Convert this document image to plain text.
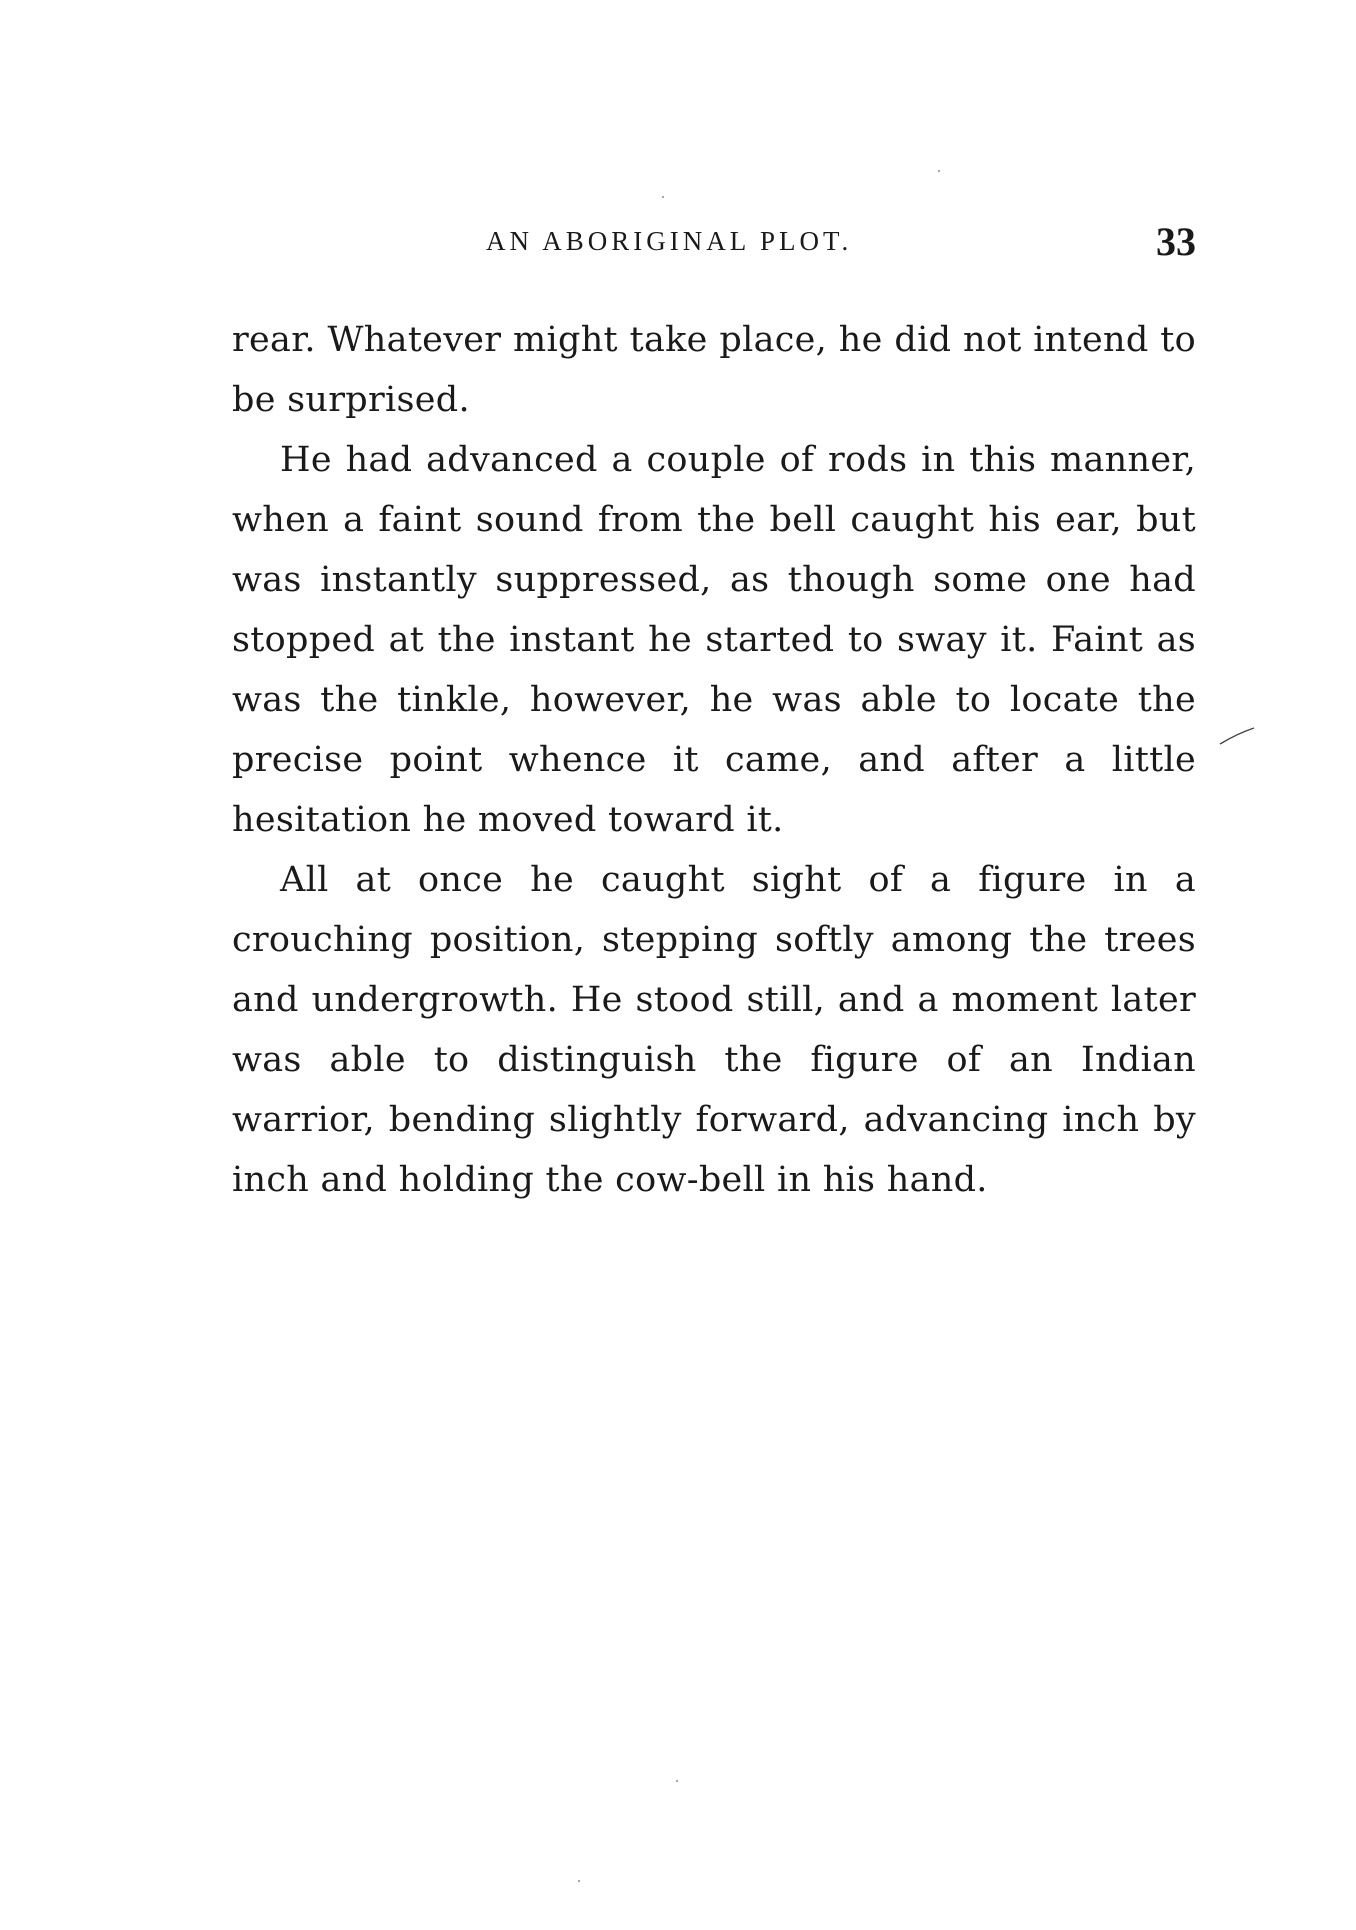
AN ABORIGINAL PLOT.	33

rear. Whatever might take place, he did not intend to be surprised.

He had advanced a couple of rods in this manner, when a faint sound from the bell caught his ear, but was instantly suppressed, as though some one had stopped at the instant he started to sway it. Faint as was the tinkle, however, he was able to locate the precise point whence it came, and after a little hesitation he moved toward it.

All at once he caught sight of a figure in a crouching position, stepping softly among the trees and undergrowth. He stood still, and a moment later was able to distinguish the figure of an Indian warrior, bending slightly forward, advancing inch by inch and holding the cow-bell in his hand.
